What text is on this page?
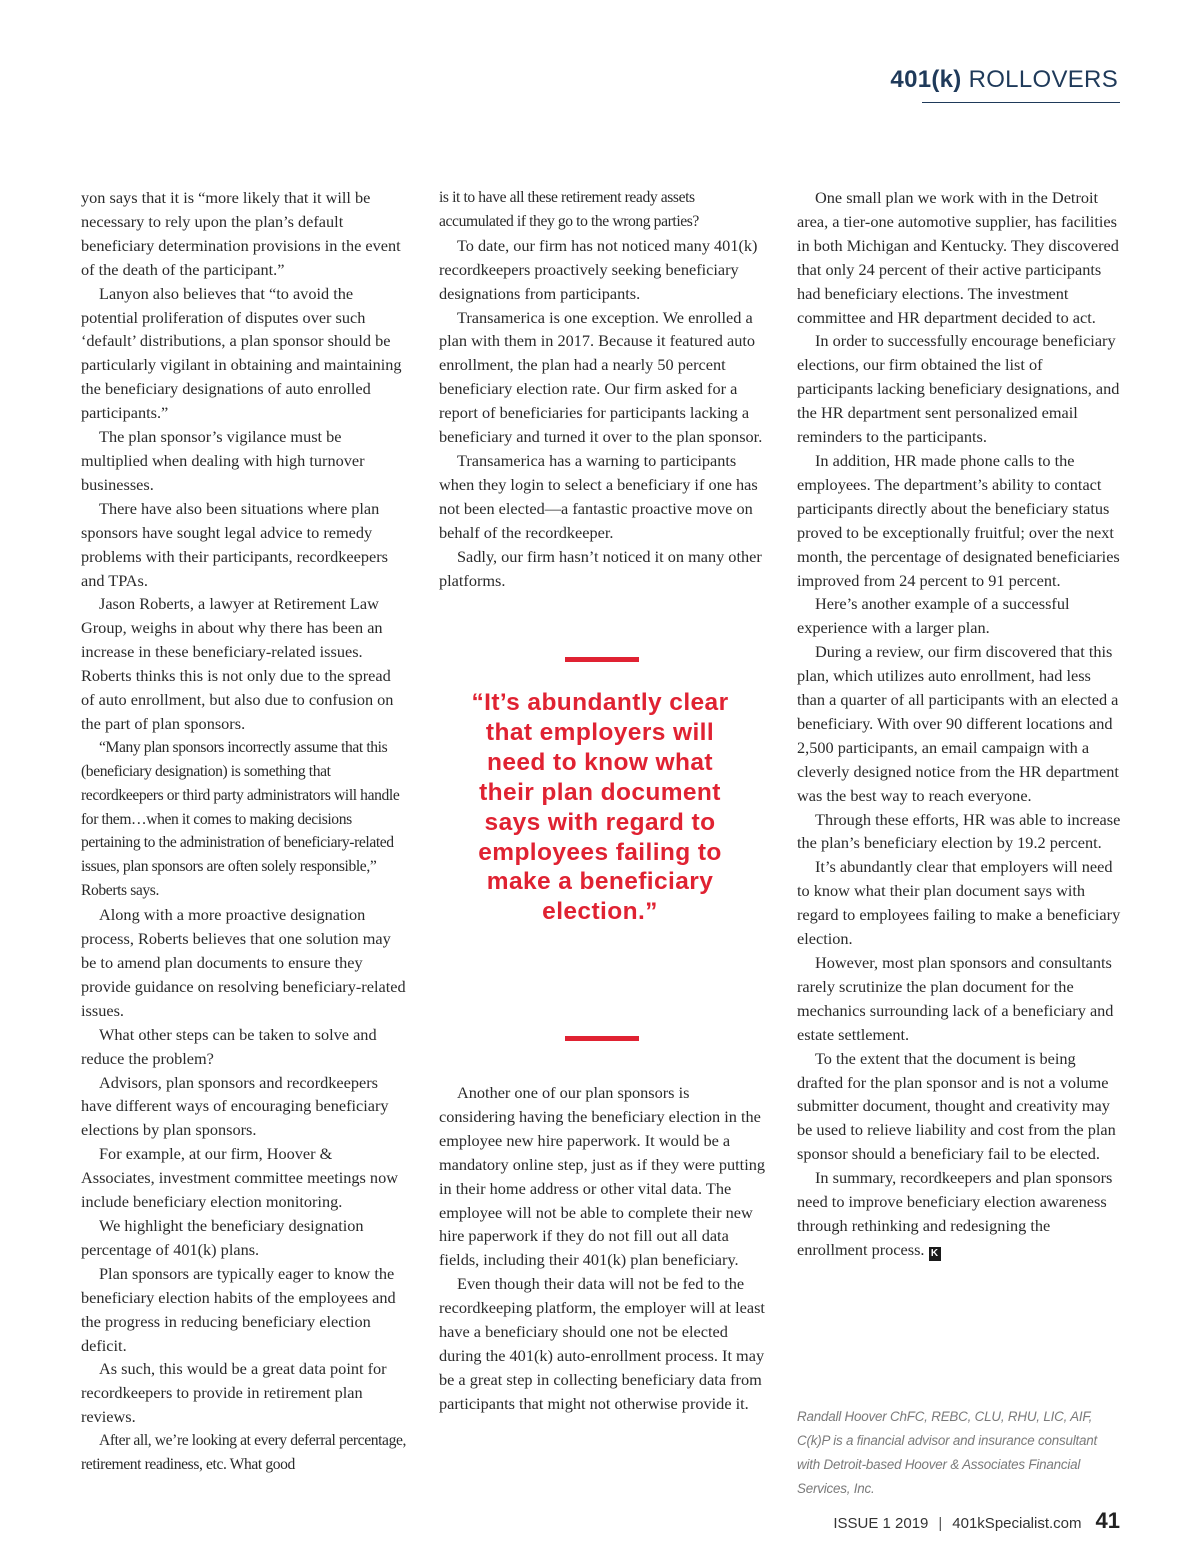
401(k) ROLLOVERS

yon says that it is “more likely that it will be necessary to rely upon the plan’s default beneficiary determination provisions in the event of the death of the participant.”

Lanyon also believes that “to avoid the potential proliferation of disputes over such ‘default’ distributions, a plan sponsor should be particularly vigilant in obtaining and maintaining the beneficiary designations of auto enrolled participants.”

The plan sponsor’s vigilance must be multiplied when dealing with high turnover businesses.

There have also been situations where plan sponsors have sought legal advice to remedy problems with their participants, recordkeepers and TPAs.

Jason Roberts, a lawyer at Retirement Law Group, weighs in about why there has been an increase in these beneficiary-related issues. Roberts thinks this is not only due to the spread of auto enrollment, but also due to confusion on the part of plan sponsors.

“Many plan sponsors incorrectly assume that this (beneficiary designation) is something that recordkeepers or third party administrators will handle for them…when it comes to making decisions pertaining to the administration of beneficiary-related issues, plan sponsors are often solely responsible,” Roberts says.

Along with a more proactive designation process, Roberts believes that one solution may be to amend plan documents to ensure they provide guidance on resolving beneficiary-related issues.

What other steps can be taken to solve and reduce the problem?

Advisors, plan sponsors and recordkeepers have different ways of encouraging beneficiary elections by plan sponsors.

For example, at our firm, Hoover & Associates, investment committee meetings now include beneficiary election monitoring.

We highlight the beneficiary designation percentage of 401(k) plans.

Plan sponsors are typically eager to know the beneficiary election habits of the employees and the progress in reducing beneficiary election deficit.

As such, this would be a great data point for recordkeepers to provide in retirement plan reviews.

After all, we’re looking at every deferral percentage, retirement readiness, etc. What good

is it to have all these retirement ready assets accumulated if they go to the wrong parties?

To date, our firm has not noticed many 401(k) recordkeepers proactively seeking beneficiary designations from participants.

Transamerica is one exception. We enrolled a plan with them in 2017. Because it featured auto enrollment, the plan had a nearly 50 percent beneficiary election rate. Our firm asked for a report of beneficiaries for participants lacking a beneficiary and turned it over to the plan sponsor.

Transamerica has a warning to participants when they login to select a beneficiary if one has not been elected—a fantastic proactive move on behalf of the recordkeeper.

Sadly, our firm hasn’t noticed it on many other platforms.

“It’s abundantly clear that employers will need to know what their plan document says with regard to employees failing to make a beneficiary election.”

Another one of our plan sponsors is considering having the beneficiary election in the employee new hire paperwork. It would be a mandatory online step, just as if they were putting in their home address or other vital data. The employee will not be able to complete their new hire paperwork if they do not fill out all data fields, including their 401(k) plan beneficiary.

Even though their data will not be fed to the recordkeeping platform, the employer will at least have a beneficiary should one not be elected during the 401(k) auto-enrollment process. It may be a great step in collecting beneficiary data from participants that might not otherwise provide it.

One small plan we work with in the Detroit area, a tier-one automotive supplier, has facilities in both Michigan and Kentucky. They discovered that only 24 percent of their active participants had beneficiary elections. The investment committee and HR department decided to act.

In order to successfully encourage beneficiary elections, our firm obtained the list of participants lacking beneficiary designations, and the HR department sent personalized email reminders to the participants.

In addition, HR made phone calls to the employees. The department’s ability to contact participants directly about the beneficiary status proved to be exceptionally fruitful; over the next month, the percentage of designated beneficiaries improved from 24 percent to 91 percent.

Here’s another example of a successful experience with a larger plan.

During a review, our firm discovered that this plan, which utilizes auto enrollment, had less than a quarter of all participants with an elected a beneficiary. With over 90 different locations and 2,500 participants, an email campaign with a cleverly designed notice from the HR department was the best way to reach everyone.

Through these efforts, HR was able to increase the plan’s beneficiary election by 19.2 percent.

It’s abundantly clear that employers will need to know what their plan document says with regard to employees failing to make a beneficiary election.

However, most plan sponsors and consultants rarely scrutinize the plan document for the mechanics surrounding lack of a beneficiary and estate settlement.

To the extent that the document is being drafted for the plan sponsor and is not a volume submitter document, thought and creativity may be used to relieve liability and cost from the plan sponsor should a beneficiary fail to be elected.

In summary, recordkeepers and plan sponsors need to improve beneficiary election awareness through rethinking and redesigning the enrollment process. K

Randall Hoover ChFC, REBC, CLU, RHU, LIC, AIF, C(k)P is a financial advisor and insurance consultant with Detroit-based Hoover & Associates Financial Services, Inc.
ISSUE 1 2019 | 401kSpecialist.com 41
